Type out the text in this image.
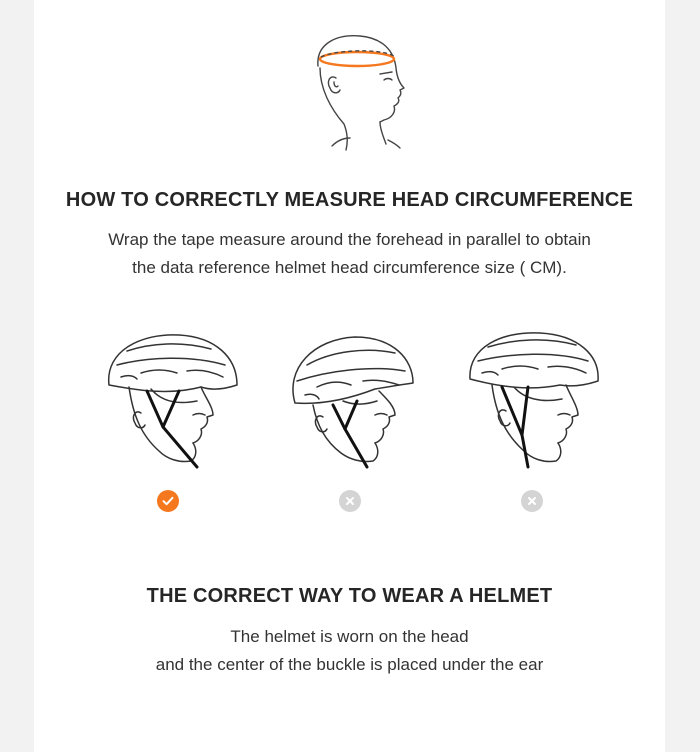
HOW TO CORRECTLY MEASURE HEAD CIRCUMFERENCE

Wrap the tape measure around the forehead in parallel to obtain
the data reference helmet head circumference size ( CM).

THE CORRECT WAY TO WEAR A HELMET

The helmet is worn on the head
and the center of the buckle is placed under the ear
